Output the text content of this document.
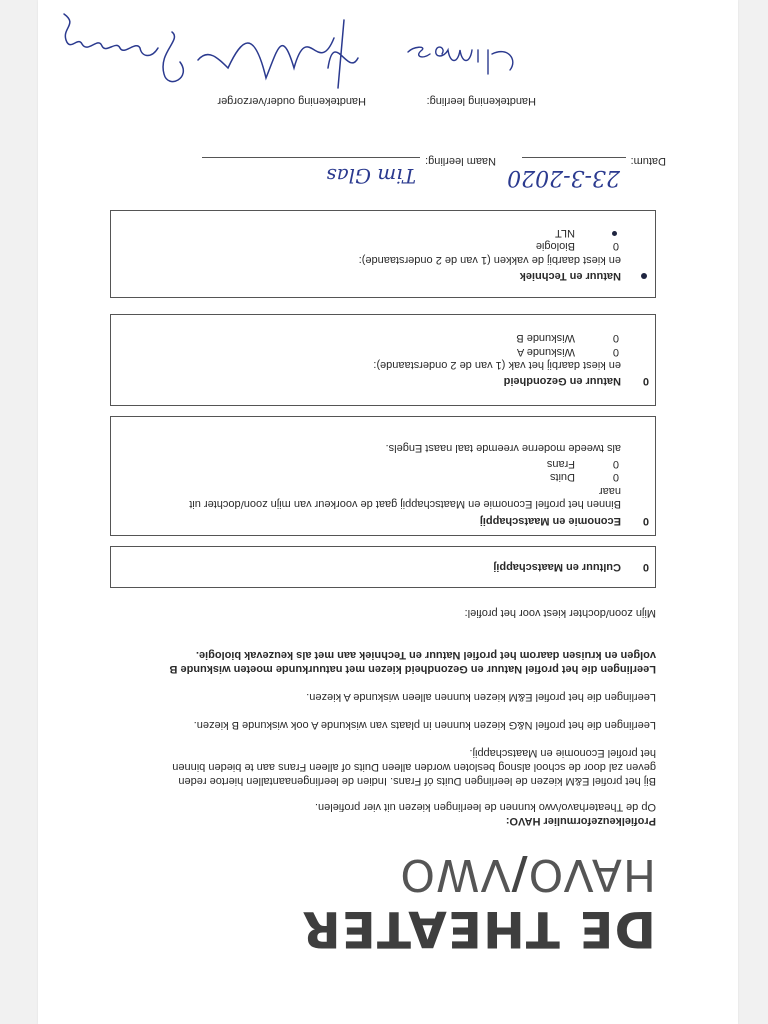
DE THEATER
HAVO/VWO
Profielkeuzeformulier HAVO:
Op de Theaterhavo/vwo kunnen de leerlingen kiezen uit vier profielen.
Bij het profiel E&M kiezen de leerlingen Duits óf Frans. Indien de leerlingenaantallen hiertoe reden
geven zal door de school alsnog besloten worden alleen Duits of alleen Frans aan te bieden binnen
het profiel Economie en Maatschappij.
Leerlingen die het profiel N&G kiezen kunnen in plaats van wiskunde A ook wiskunde B kiezen.
Leerlingen die het profiel E&M kiezen kunnen alleen wiskunde A kiezen.
Leerlingen die het profiel Natuur en Gezondheid kiezen met natuurkunde moeten wiskunde B
volgen en kruisen daarom het profiel Natuur en Techniek aan met als keuzevak biologie.
Mijn zoon/dochter kiest voor het profiel:
0
Cultuur en Maatschappij
0
Economie en Maatschappij
Binnen het profiel Economie en Maatschappij gaat de voorkeur van mijn zoon/dochter uit
naar
0
Duits
0
Frans
als tweede moderne vreemde taal naast Engels.
0
Natuur en Gezondheid
en kiest daarbij het vak (1 van de 2 onderstaande):
0
Wiskunde A
0
Wiskunde B
Natuur en Techniek
en kiest daarbij de vakken (1 van de 2 onderstaande):
0
Biologie
NLT
Datum:
23-3-2020
Naam leerling:
Tim Glas
Handtekening leerling:
Handtekening ouder/verzorger
